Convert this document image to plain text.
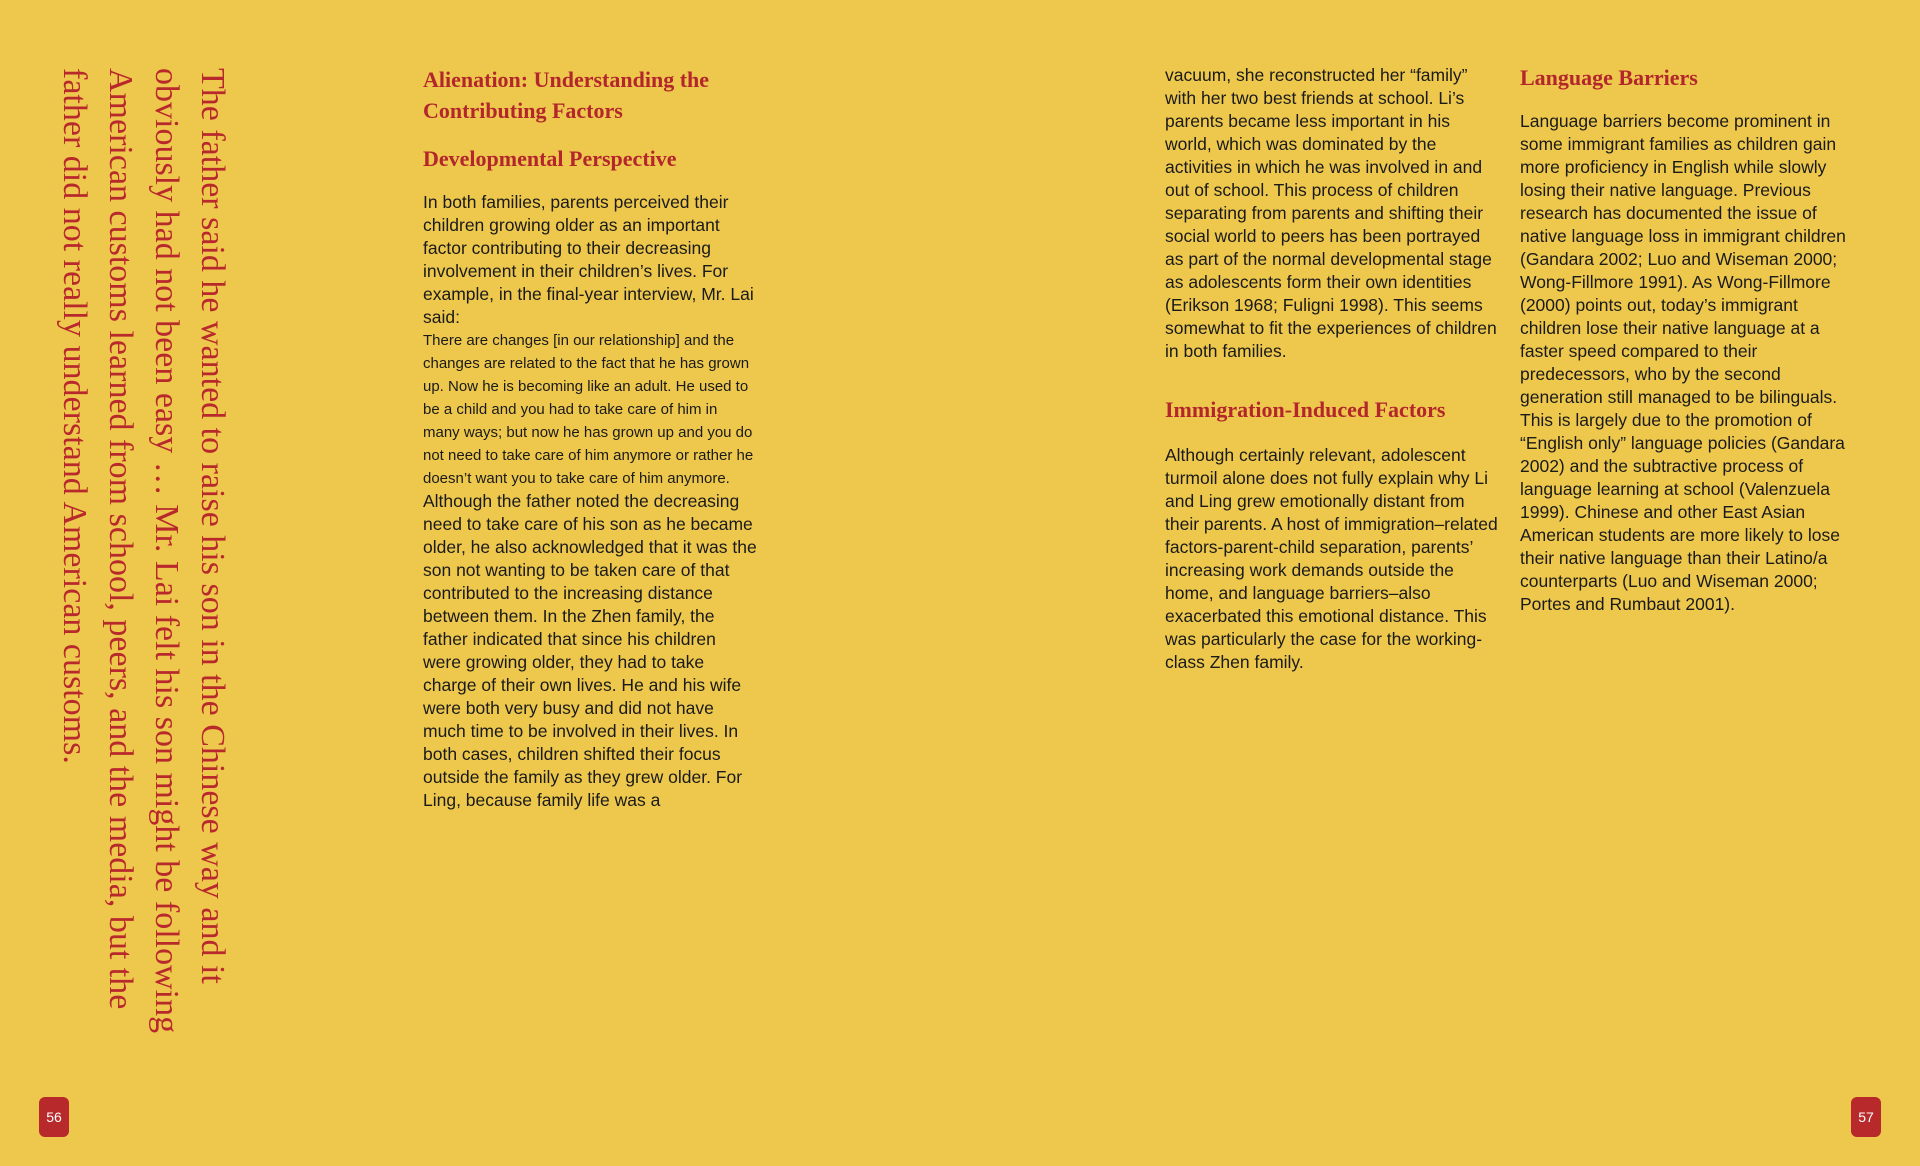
The father said he wanted to raise his son in the Chinese way and it obviously had not been easy … Mr. Lai felt his son might be following American customs learned from school, peers, and the media, but the father did not really understand American customs.	Alienation: Understanding the Contributing Factors
Developmental Perspective

In both families, parents perceived their children growing older as an important factor contributing to their decreasing involvement in their children’s lives. For example, in the final-year interview, Mr. Lai said:

There are changes [in our relationship] and the changes are related to the fact that he has grown up. Now he is becoming like an adult. He used to be a child and you had to take care of him in many ways; but now he has grown up and you do not need to take care of him anymore or rather he doesn’t want you to take care of him anymore.

Although the father noted the decreasing need to take care of his son as he became older, he also acknowledged that it was the son not wanting to be taken care of that contributed to the increasing distance between them. In the Zhen family, the father indicated that since his children were growing older, they had to take charge of their own lives. He and his wife were both very busy and did not have much time to be involved in their lives. In both cases, children shifted their focus outside the family as they grew older. For Ling, because family life was a

vacuum, she reconstructed her “family” with her two best friends at school. Li’s parents became less important in his world, which was dominated by the activities in which he was involved in and out of school. This process of children separating from parents and shifting their social world to peers has been portrayed as part of the normal developmental stage as adolescents form their own identities (Erikson 1968; Fuligni 1998). This seems somewhat to fit the experiences of children in both families.

Immigration-Induced Factors

Although certainly relevant, adolescent turmoil alone does not fully explain why Li and Ling grew emotionally distant from their parents. A host of immigration–related factors-parent-child separation, parents’ increasing work demands outside the home, and language barriers–also exacerbated this emotional distance. This was particularly the case for the working-class Zhen family.

Language Barriers

Language barriers become prominent in some immigrant families as children gain more proficiency in English while slowly losing their native language. Previous research has documented the issue of native language loss in immigrant children (Gandara 2002; Luo and Wiseman 2000; Wong-Fillmore 1991). As Wong-Fillmore (2000) points out, today’s immigrant children lose their native language at a faster speed compared to their predecessors, who by the second generation still managed to be bilinguals. This is largely due to the promotion of “English only” language policies (Gandara 2002) and the subtractive process of language learning at school (Valenzuela 1999). Chinese and other East Asian American students are more likely to lose their native language than their Latino/a counterparts (Luo and Wiseman 2000; Portes and Rumbaut 2001).

56	57
